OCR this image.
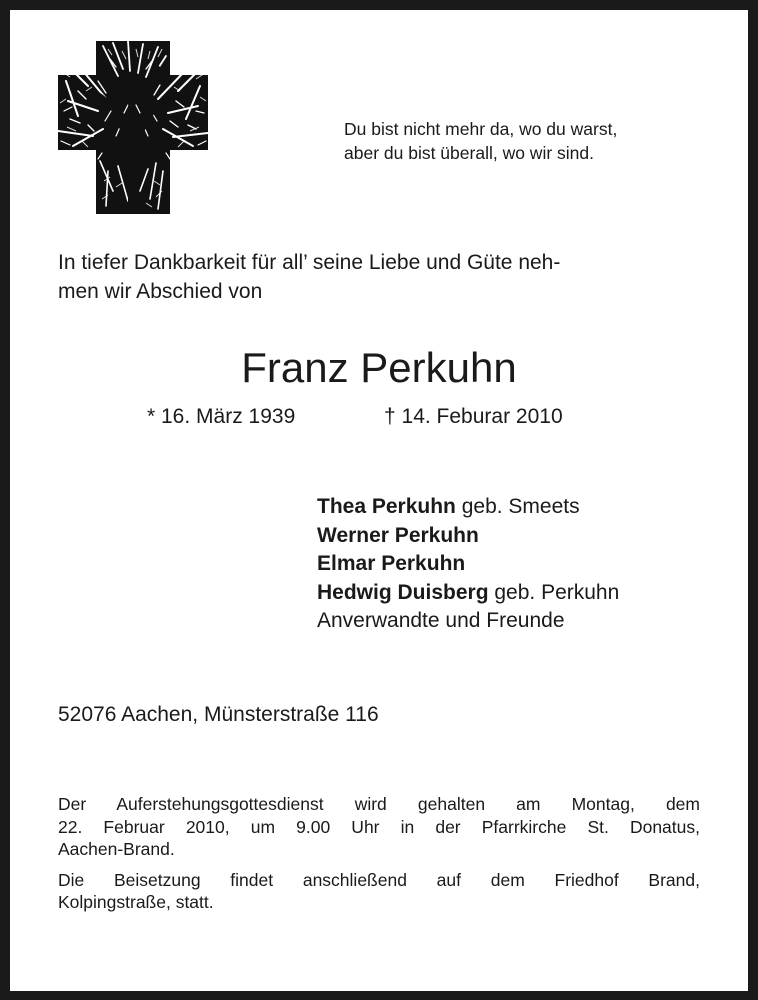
Du bist nicht mehr da, wo du warst,
aber du bist überall, wo wir sind.
In tiefer Dankbarkeit für all’ seine Liebe und Güte neh-
men wir Abschied von
Franz Perkuhn
* 16. März 1939	† 14. Feburar 2010
Thea Perkuhn geb. Smeets
Werner Perkuhn
Elmar Perkuhn
Hedwig Duisberg geb. Perkuhn
Anverwandte und Freunde
52076 Aachen, Münsterstraße 116
Der Auferstehungsgottesdienst wird gehalten am Montag, dem
22. Februar 2010, um 9.00 Uhr in der Pfarrkirche St. Donatus,
Aachen-Brand.
Die Beisetzung findet anschließend auf dem Friedhof Brand,
Kolpingstraße, statt.
